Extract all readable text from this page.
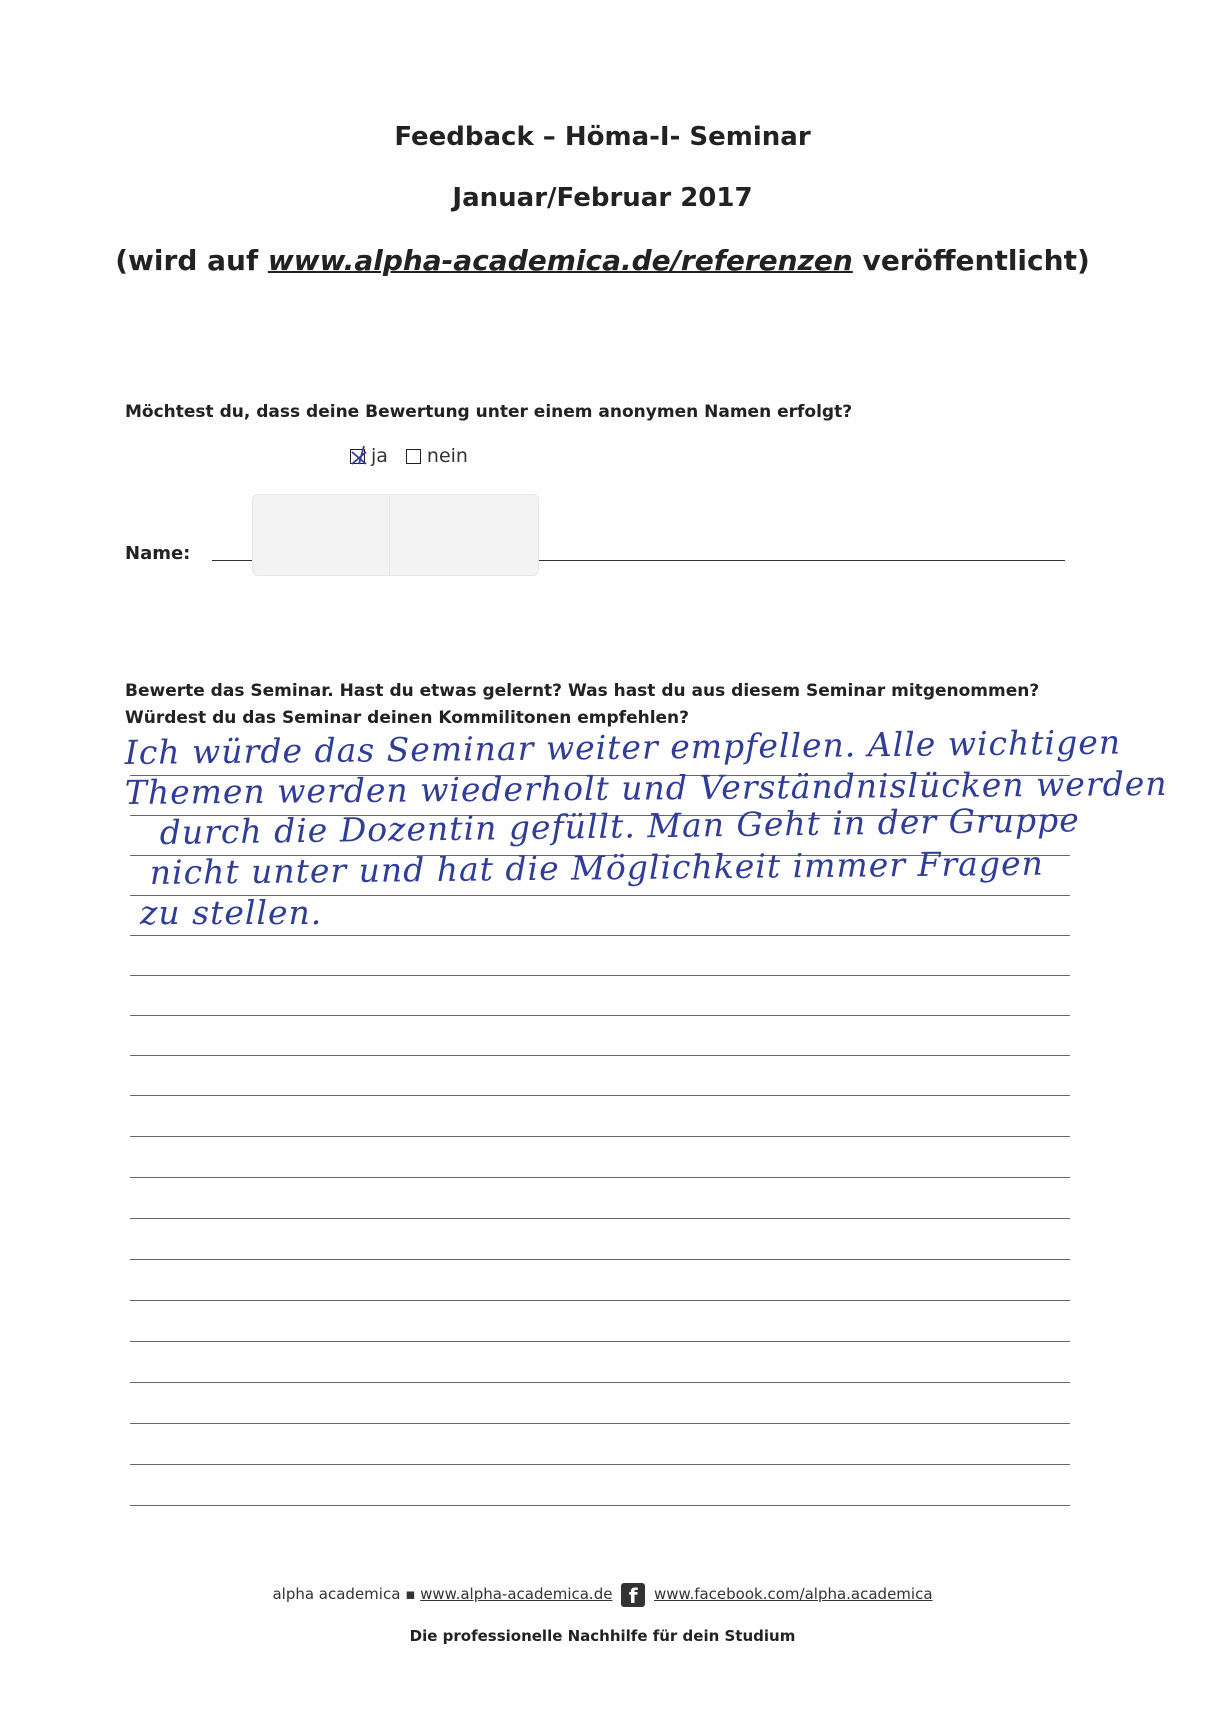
Feedback – Höma-I- Seminar
Januar/Februar 2017
(wird auf www.alpha-academica.de/referenzen veröffentlicht)
Möchtest du, dass deine Bewertung unter einem anonymen Namen erfolgt?
ja nein
Name:
Bewerte das Seminar. Hast du etwas gelernt? Was hast du aus diesem Seminar mitgenommen?
Würdest du das Seminar deinen Kommilitonen empfehlen?
Ich würde das Seminar weiter empfellen. Alle wichtigen
Themen werden wiederholt und Verständnislücken werden
durch die Dozentin gefüllt. Man Geht in der Gruppe
nicht unter und hat die Möglichkeit immer Fragen
zu stellen.
alpha academica ▪ www.alpha-academica.de f www.facebook.com/alpha.academica
Die professionelle Nachhilfe für dein Studium
